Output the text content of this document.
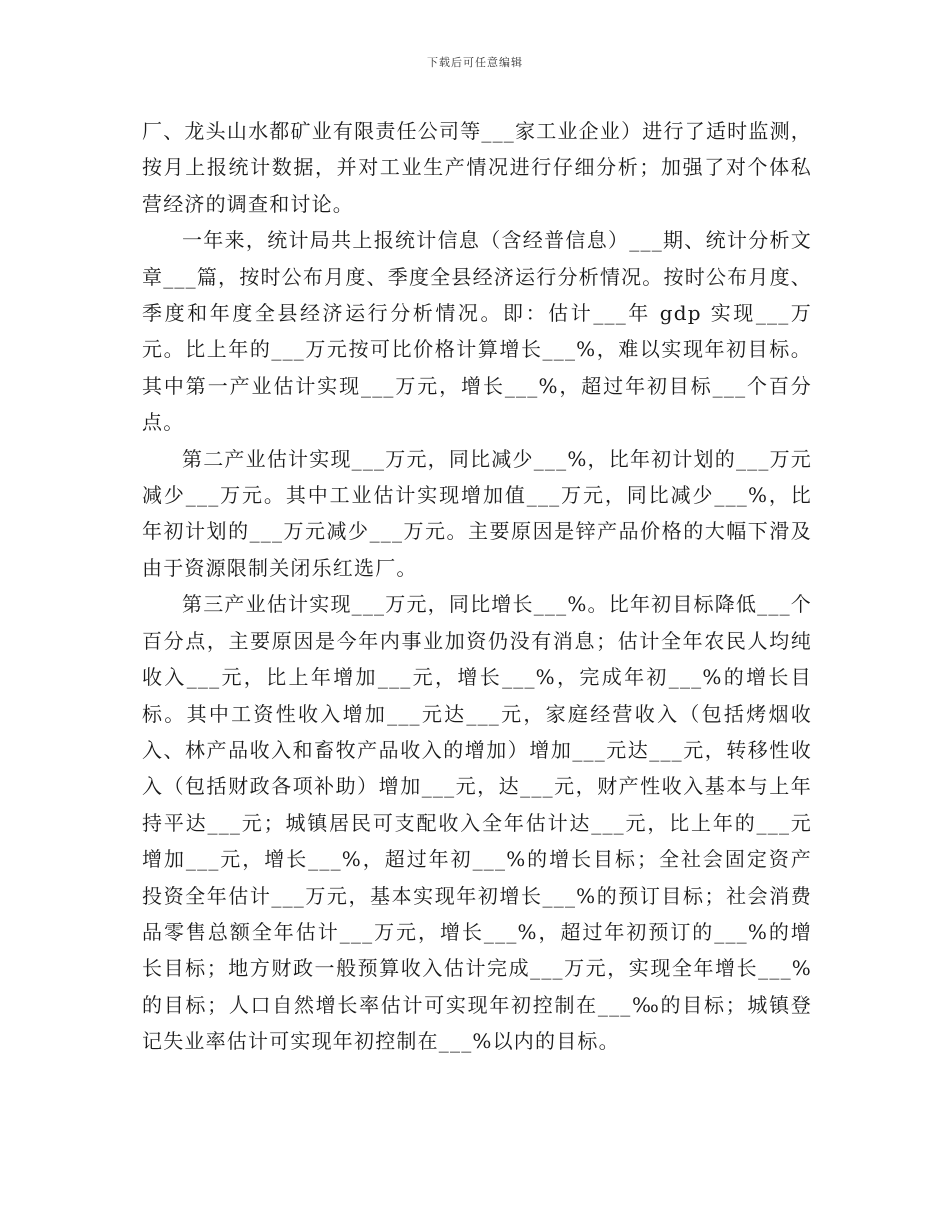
下载后可任意编辑

厂、龙头山水都矿业有限责任公司等___家工业企业）进行了适时监测，按月上报统计数据，并对工业生产情况进行仔细分析；加强了对个体私营经济的调查和讨论。

一年来，统计局共上报统计信息（含经普信息）___期、统计分析文章___篇，按时公布月度、季度全县经济运行分析情况。按时公布月度、季度和年度全县经济运行分析情况。即：估计___年 gdp 实现___万元。比上年的___万元按可比价格计算增长___%，难以实现年初目标。其中第一产业估计实现___万元，增长___%，超过年初目标___个百分点。

第二产业估计实现___万元，同比减少___%，比年初计划的___万元减少___万元。其中工业估计实现增加值___万元，同比减少___%，比年初计划的___万元减少___万元。主要原因是锌产品价格的大幅下滑及由于资源限制关闭乐红选厂。

第三产业估计实现___万元，同比增长___%。比年初目标降低___个百分点，主要原因是今年内事业加资仍没有消息；估计全年农民人均纯收入___元，比上年增加___元，增长___%，完成年初___%的增长目标。其中工资性收入增加___元达___元，家庭经营收入（包括烤烟收入、林产品收入和畜牧产品收入的增加）增加___元达___元，转移性收入（包括财政各项补助）增加___元，达___元，财产性收入基本与上年持平达___元；城镇居民可支配收入全年估计达___元，比上年的___元增加___元，增长___%，超过年初___%的增长目标；全社会固定资产投资全年估计___万元，基本实现年初增长___%的预订目标；社会消费品零售总额全年估计___万元，增长___%，超过年初预订的___%的增长目标；地方财政一般预算收入估计完成___万元，实现全年增长___%的目标；人口自然增长率估计可实现年初控制在___‰的目标；城镇登记失业率估计可实现年初控制在___%以内的目标。
